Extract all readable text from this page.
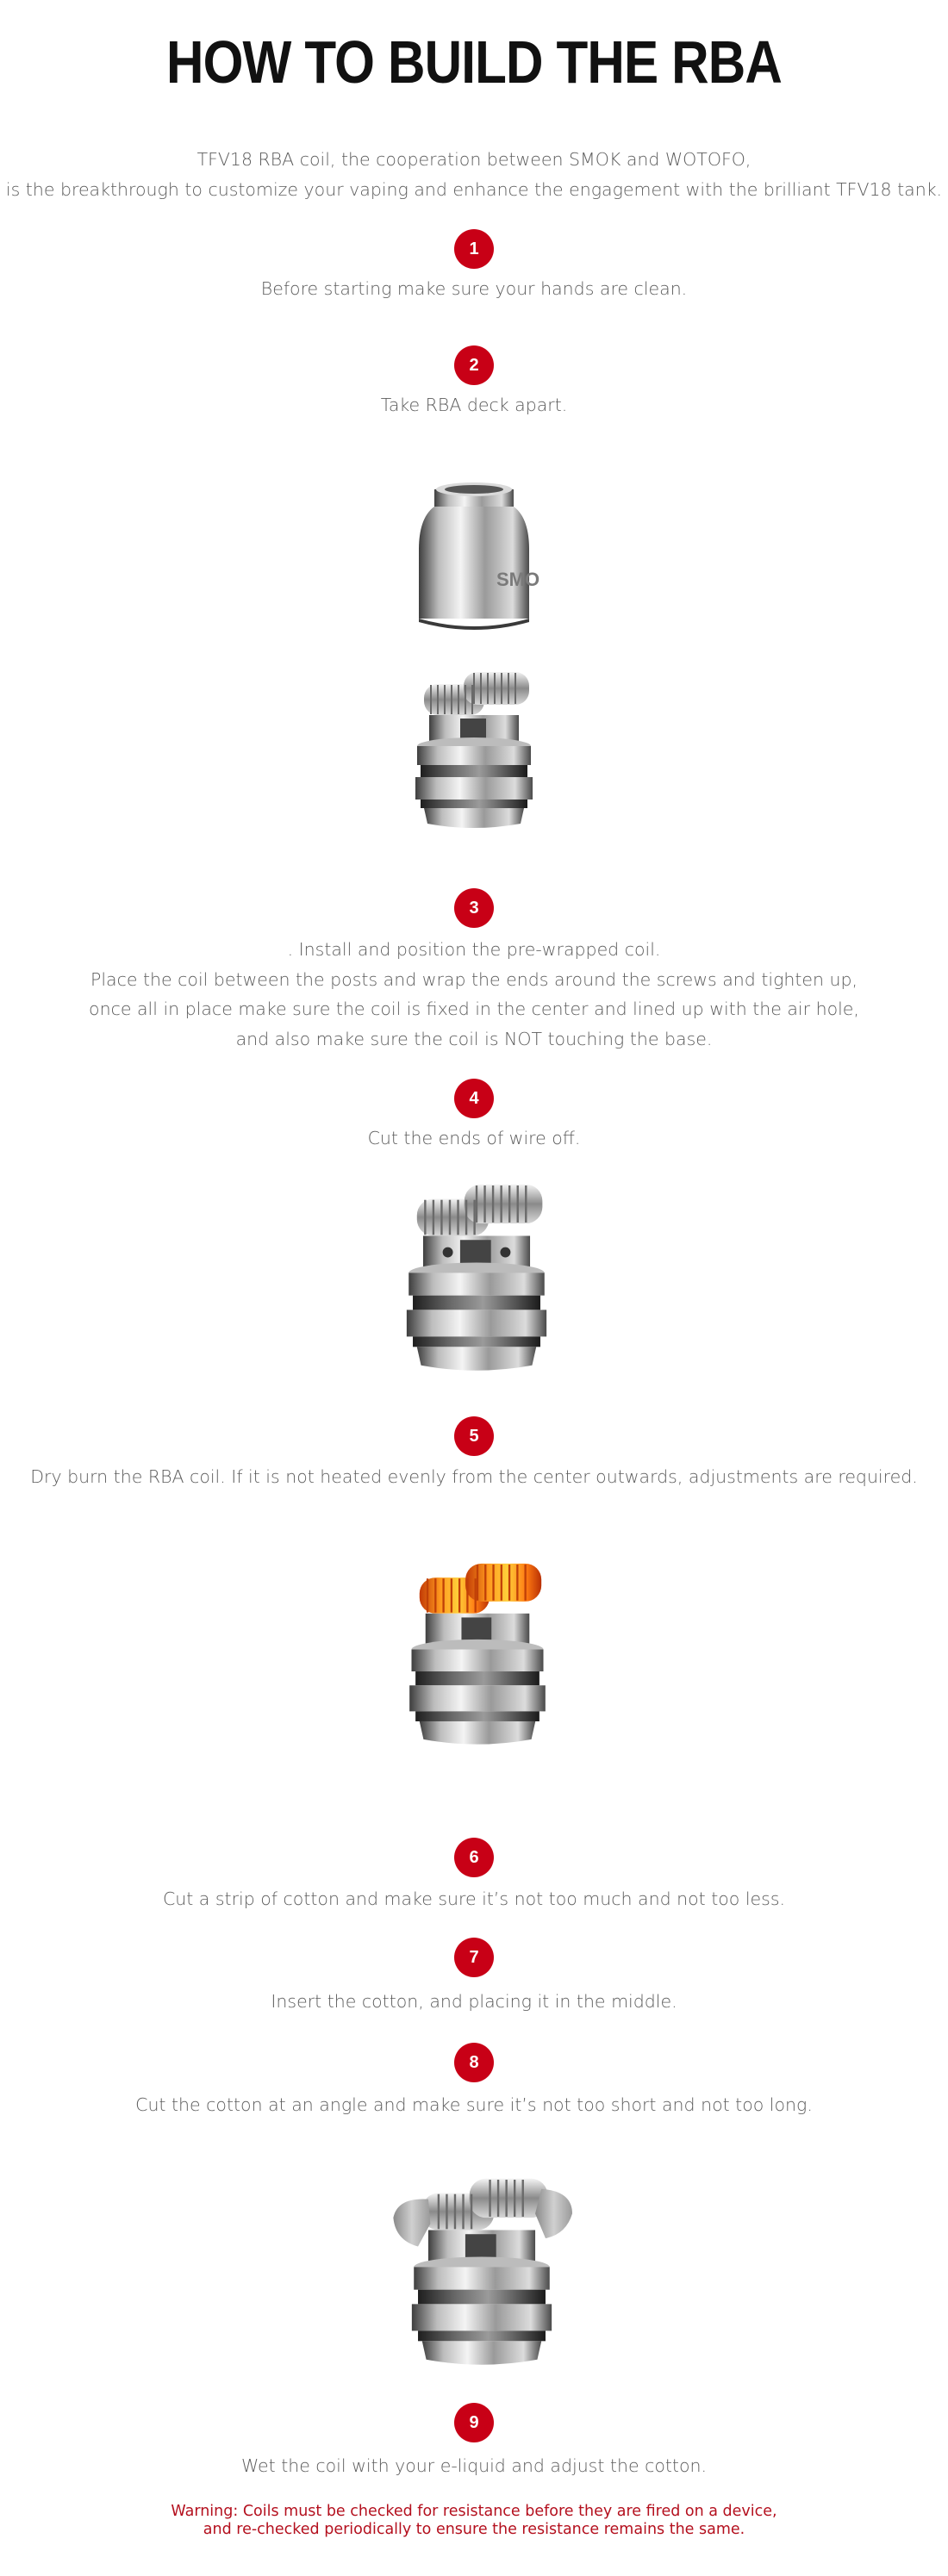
HOW TO BUILD THE RBA
TFV18 RBA coil, the cooperation between SMOK and WOTOFO,
is the breakthrough to customize your vaping and enhance the engagement with the brilliant TFV18 tank.
1
Before starting make sure your hands are clean.
2
Take RBA deck apart.
SMO
3
. Install and position the pre-wrapped coil.
Place the coil between the posts and wrap the ends around the screws and tighten up,
once all in place make sure the coil is fixed in the center and lined up with the air hole,
and also make sure the coil is NOT touching the base.
4
Cut the ends of wire off.
5
Dry burn the RBA coil. If it is not heated evenly from the center outwards, adjustments are required.
6
Cut a strip of cotton and make sure it’s not too much and not too less.
7
Insert the cotton, and placing it in the middle.
8
Cut the cotton at an angle and make sure it’s not too short and not too long.
9
Wet the coil with your e-liquid and adjust the cotton.
Warning: Coils must be checked for resistance before they are fired on a device,
and re-checked periodically to ensure the resistance remains the same.
